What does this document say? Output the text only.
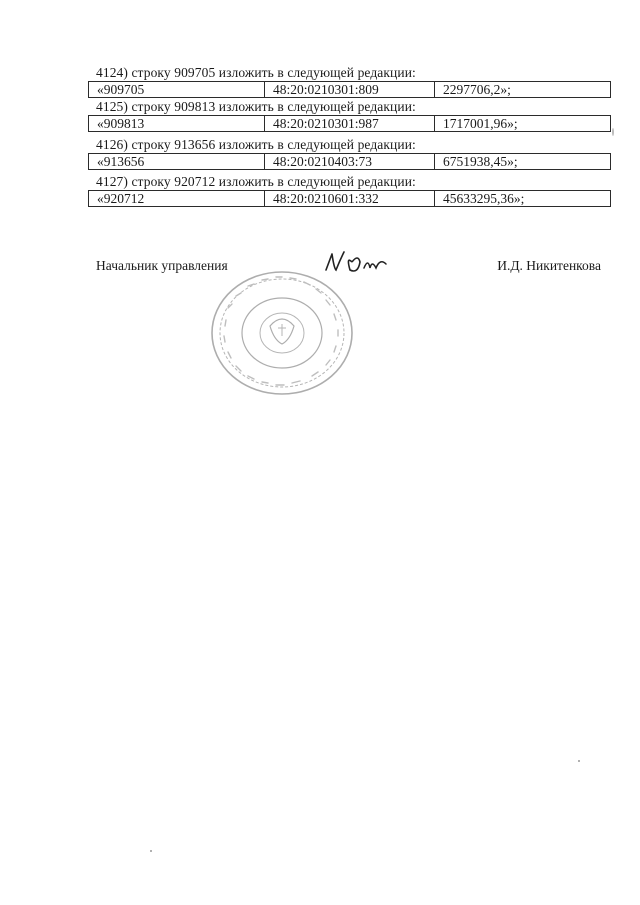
4124) строку 909705 изложить в следующей редакции:
«909705	48:20:0210301:809	2297706,2»;
4125) строку 909813 изложить в следующей редакции:
«909813	48:20:0210301:987	1717001,96»;
4126) строку 913656 изложить в следующей редакции:
«913656	48:20:0210403:73	6751938,45»;
4127) строку 920712 изложить в следующей редакции:
«920712	48:20:0210601:332	45633295,36»;
Начальник управления	И.Д. Никитенкова
